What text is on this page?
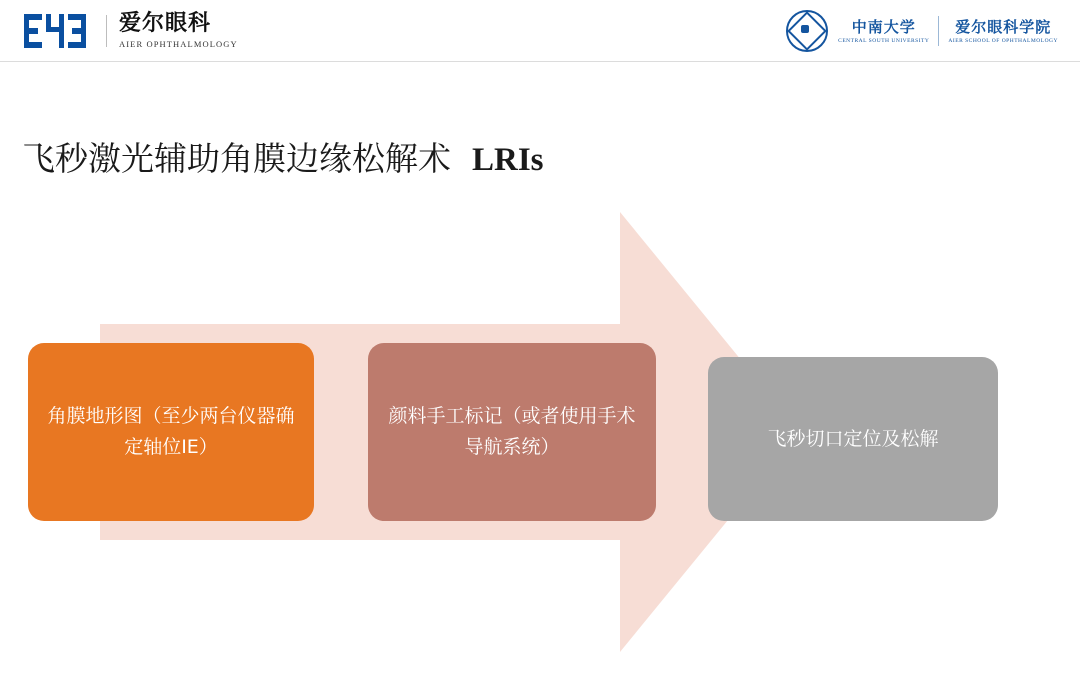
爱尔眼科
AIER OPHTHALMOLOGY
中南大学
CENTRAL SOUTH UNIVERSITY
爱尔眼科学院
AIER SCHOOL OF OPHTHALMOLOGY
飞秒激光辅助角膜边缘松解术 LRIs
角膜地形图（至少两台仪器确定轴位IE）
颜料手工标记（或者使用手术导航系统）	飞秒切口定位及松解
